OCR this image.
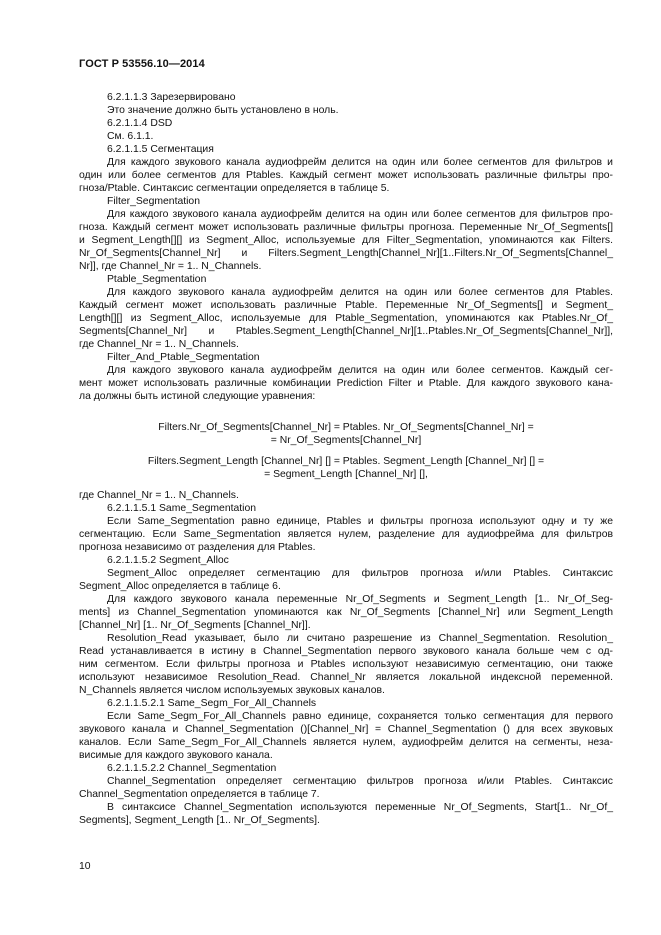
ГОСТ Р 53556.10—2014
6.2.1.1.3 Зарезервировано
Это значение должно быть установлено в ноль.
6.2.1.1.4 DSD
См. 6.1.1.
6.2.1.1.5 Сегментация
Для каждого звукового канала аудиофрейм делится на один или более сегментов для фильтров и
один или более сегментов для Ptables. Каждый сегмент может использовать различные фильтры про-
гноза/Ptable. Синтаксис сегментации определяется в таблице 5.
Filter_Segmentation
Для каждого звукового канала аудиофрейм делится на один или более сегментов для фильтров про-
гноза. Каждый сегмент может использовать различные фильтры прогноза. Переменные Nr_Of_Segments[]
и Segment_Length[][] из Segment_Alloc, используемые для Filter_Segmentation, упоминаются как Filters.
Nr_Of_Segments[Channel_Nr] и Filters.Segment_Length[Channel_Nr][1..Filters.Nr_Of_Segments[Channel_
Nr]], где Channel_Nr = 1.. N_Channels.
Ptable_Segmentation
Для каждого звукового канала аудиофрейм делится на один или более сегментов для Ptables.
Каждый сегмент может использовать различные Ptable. Переменные Nr_Of_Segments[] и Segment_
Length[][] из Segment_Alloc, используемые для Ptable_Segmentation, упоминаются как Ptables.Nr_Of_
Segments[Channel_Nr] и Ptables.Segment_Length[Channel_Nr][1..Ptables.Nr_Of_Segments[Channel_Nr]],
где Channel_Nr = 1.. N_Channels.
Filter_And_Ptable_Segmentation
Для каждого звукового канала аудиофрейм делится на один или более сегментов. Каждый сег-
мент может использовать различные комбинации Prediction Filter и Ptable. Для каждого звукового кана-
ла должны быть истиной следующие уравнения:
Filters.Nr_Of_Segments[Channel_Nr] = Ptables. Nr_Of_Segments[Channel_Nr] =
= Nr_Of_Segments[Channel_Nr]
Filters.Segment_Length [Channel_Nr] [] = Ptables. Segment_Length [Channel_Nr] [] =
= Segment_Length [Channel_Nr] [],
где Channel_Nr = 1.. N_Channels.
6.2.1.1.5.1 Same_Segmentation
Если Same_Segmentation равно единице, Ptables и фильтры прогноза используют одну и ту же
сегментацию. Если Same_Segmentation является нулем, разделение для аудиофрейма для фильтров
прогноза независимо от разделения для Ptables.
6.2.1.1.5.2 Segment_Alloc
Segment_Alloc определяет сегментацию для фильтров прогноза и/или Ptables. Синтаксис
Segment_Alloc определяется в таблице 6.
Для каждого звукового канала переменные Nr_Of_Segments и Segment_Length [1.. Nr_Of_Seg-
ments] из Channel_Segmentation упоминаются как Nr_Of_Segments [Channel_Nr] или Segment_Length
[Channel_Nr] [1.. Nr_Of_Segments [Channel_Nr]].
Resolution_Read указывает, было ли считано разрешение из Channel_Segmentation. Resolution_
Read устанавливается в истину в Channel_Segmentation первого звукового канала больше чем с од-
ним сегментом. Если фильтры прогноза и Ptables используют независимую сегментацию, они также
используют независимое Resolution_Read. Channel_Nr является локальной индексной переменной.
N_Channels является числом используемых звуковых каналов.
6.2.1.1.5.2.1 Same_Segm_For_All_Channels
Если Same_Segm_For_All_Channels равно единице, сохраняется только сегментация для первого
звукового канала и Channel_Segmentation ()[Channel_Nr] = Channel_Segmentation () для всех звуковых
каналов. Если Same_Segm_For_All_Channels является нулем, аудиофрейм делится на сегменты, неза-
висимые для каждого звукового канала.
6.2.1.1.5.2.2 Channel_Segmentation
Channel_Segmentation определяет сегментацию фильтров прогноза и/или Ptables. Синтаксис
Channel_Segmentation определяется в таблице 7.
В синтаксисе Channel_Segmentation используются переменные Nr_Of_Segments, Start[1.. Nr_Of_
Segments], Segment_Length [1.. Nr_Of_Segments].
10
